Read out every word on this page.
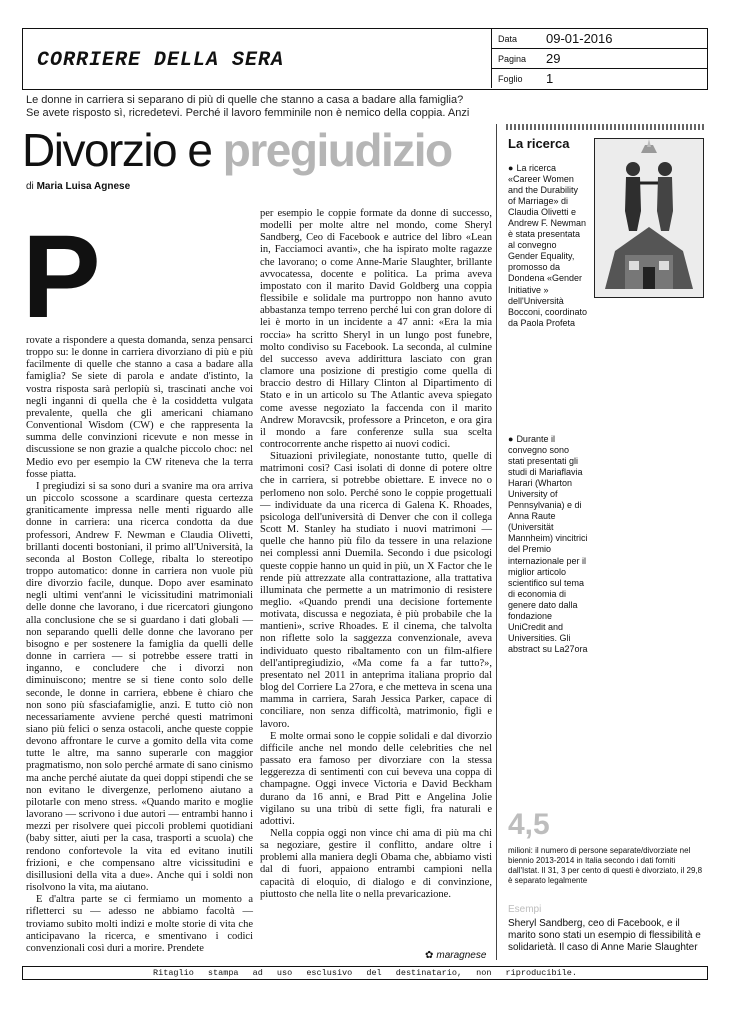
CORRIERE DELLA SERA
Data	09-01-2016
Pagina	29
Foglio	1
Le donne in carriera si separano di più di quelle che stanno a casa a badare alla famiglia?
Se avete risposto sì, ricredetevi. Perché il lavoro femminile non è nemico della coppia. Anzi
Divorzio e pregiudizio
di Maria Luisa Agnese
P

rovate a rispondere a questa domanda, senza pensarci troppo su: le donne in carriera divorziano di più e più facilmente di quelle che stanno a casa a badare alla famiglia? Se siete di parola e andate d'istinto, la vostra risposta sarà perlopiù sì, trascinati anche voi negli inganni di quella che è la cosiddetta vulgata prevalente, quella che gli americani chiamano Conventional Wisdom (CW) e che rappresenta la summa delle convinzioni ricevute e non messe in discussione se non grazie a qualche piccolo choc: nel Medio evo per esempio la CW riteneva che la terra fosse piatta.

I pregiudizi si sa sono duri a svanire ma ora arriva un piccolo scossone a scardinare questa certezza graniticamente impressa nelle menti riguardo alle donne in carriera: una ricerca condotta da due professori, Andrew F. Newman e Claudia Olivetti, brillanti docenti bostoniani, il primo all'Università, la seconda al Boston College, ribalta lo stereotipo troppo automatico: donne in carriera non vuole più dire divorzio facile, dunque. Dopo aver esaminato negli ultimi vent'anni le vicissitudini matrimoniali delle donne che lavorano, i due ricercatori giungono alla conclusione che se si guardano i dati globali — non separando quelli delle donne che lavorano per bisogno e per sostenere la famiglia da quelli delle donne in carriera — si potrebbe essere tratti in inganno, e concludere che i divorzi non diminuiscono; mentre se si tiene conto solo delle seconde, le donne in carriera, ebbene è chiaro che non sono più sfasciafamiglie, anzi. E tutto ciò non necessariamente avviene perché questi matrimoni siano più felici o senza ostacoli, anche queste coppie devono affrontare le curve a gomito della vita come tutte le altre, ma sanno superarle con maggior pragmatismo, non solo perché armate di sano cinismo ma anche perché aiutate da quei doppi stipendi che se non evitano le divergenze, perlomeno aiutano a pilotarle con meno stress. «Quando marito e moglie lavorano — scrivono i due autori — entrambi hanno i mezzi per risolvere quei piccoli problemi quotidiani (baby sitter, aiuti per la casa, trasporti a scuola) che rendono confortevole la vita ed evitano inutili frizioni, e che compensano altre vicissitudini e disillusioni della vita a due». Anche qui i soldi non risolvono la vita, ma aiutano.

E d'altra parte se ci fermiamo un momento a rifletterci su — adesso ne abbiamo facoltà — troviamo subito molti indizi e molte storie di vita che anticipavano la ricerca, e smentivano i codici convenzionali così duri a morire. Prendete

per esempio le coppie formate da donne di successo, modelli per molte altre nel mondo, come Sheryl Sandberg, Ceo di Facebook e autrice del libro «Lean in, Facciamoci avanti», che ha ispirato molte ragazze che lavorano; o come Anne-Marie Slaughter, brillante avvocatessa, docente e politica. La prima aveva impostato con il marito David Goldberg una coppia flessibile e solidale ma purtroppo non hanno avuto abbastanza tempo terreno perché lui con gran dolore di lei è morto in un incidente a 47 anni: «Era la mia roccia» ha scritto Sheryl in un lungo post funebre, molto condiviso su Facebook. La seconda, al culmine del successo aveva addirittura lasciato con gran clamore una posizione di prestigio come quella di braccio destro di Hillary Clinton al Dipartimento di Stato e in un articolo su The Atlantic aveva spiegato come avesse negoziato la faccenda con il marito Andrew Moravcsik, professore a Princeton, e ora gira il mondo a fare conferenze sulla sua scelta controcorrente anche rispetto ai nuovi codici.

Situazioni privilegiate, nonostante tutto, quelle di matrimoni così? Casi isolati di donne di potere oltre che in carriera, si potrebbe obiettare. E invece no o perlomeno non solo. Perché sono le coppie progettuali — individuate da una ricerca di Galena K. Rhoades, psicologa dell'università di Denver che con il collega Scott M. Stanley ha studiato i nuovi matrimoni — quelle che hanno più filo da tessere in una relazione nei complessi anni Duemila. Secondo i due psicologi queste coppie hanno un quid in più, un X Factor che le rende più attrezzate alla contrattazione, alla trattativa illuminata che permette a un matrimonio di resistere meglio. «Quando prendi una decisione fortemente motivata, discussa e negoziata, è più probabile che la mantieni», scrive Rhoades. E il cinema, che talvolta non riflette solo la saggezza convenzionale, aveva individuato questo ribaltamento con un film-alfiere dell'antipregiudizio, «Ma come fa a far tutto?», presentato nel 2011 in anteprima italiana proprio dal blog del Corriere La 27ora, e che metteva in scena una mamma in carriera, Sarah Jessica Parker, capace di conciliare, non senza difficoltà, matrimonio, figli e lavoro.

E molte ormai sono le coppie solidali e dal divorzio difficile anche nel mondo delle celebrities che nel passato era famoso per divorziare con la stessa leggerezza di sentimenti con cui beveva una coppa di champagne. Oggi invece Victoria e David Beckham durano da 16 anni, e Brad Pitt e Angelina Jolie vigilano su una tribù di sette figli, fra naturali e adottivi.

Nella coppia oggi non vince chi ama di più ma chi sa negoziare, gestire il conflitto, andare oltre i problemi alla maniera degli Obama che, abbiamo visti dal di fuori, appaiono entrambi campioni nella capacità di eloquio, di dialogo e di convinzione, piuttosto che nella lite o nella prevaricazione.

✿ maragnese
La ricerca
● La ricerca «Career Women and the Durability of Marriage» di Claudia Olivetti e Andrew F. Newman è stata presentata al convegno Gender Equality, promosso da Dondena «Gender Initiative » dell'Università Bocconi, coordinato da Paola Profeta
● Durante il convegno sono stati presentati gli studi di Mariaflavia Harari (Wharton University of Pennsylvania) e di Anna Raute (Universität Mannheim) vincitrici del Premio internazionale per il miglior articolo scientifico sul tema di economia di genere dato dalla fondazione UniCredit and Universities. Gli abstract su La27ora
4,5
milioni: il numero di persone separate/divorziate nel biennio 2013-2014 in Italia secondo i dati forniti dall'Istat. Il 31, 3 per cento di questi è divorziato, il 29,8 è separato legalmente
Esempi
Sheryl Sandberg, ceo di Facebook, e il marito sono stati un esempio di flessibilità e solidarietà. Il caso di Anne Marie Slaughter
Ritaglio stampa ad uso esclusivo del destinatario, non riproducibile.
